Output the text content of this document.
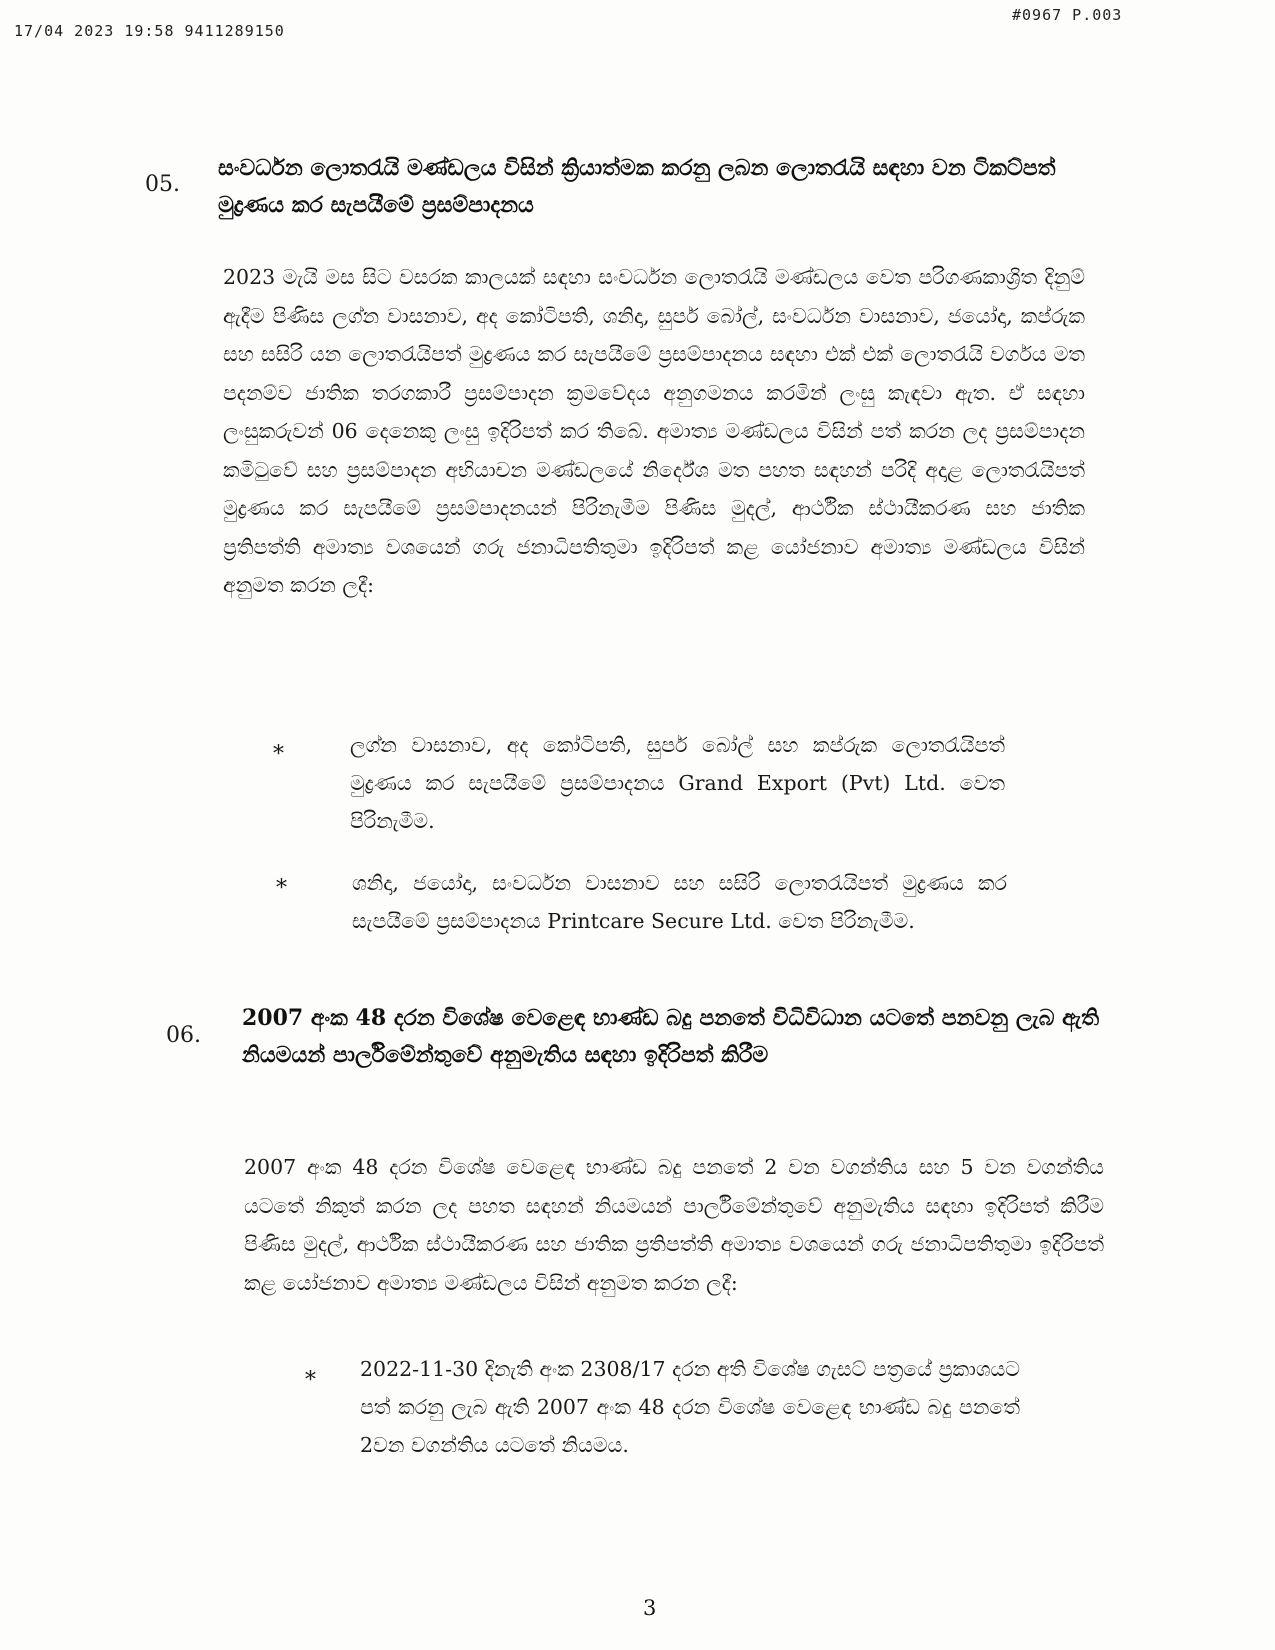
17/04 2023 19:58 9411289150
#0967 P.003
05.
සංවර්ධන ලොතරැයි මණ්ඩලය විසින් ක්‍රියාත්මක කරනු ලබන ලොතරැයි සඳහා වන ටිකට්පත් මුද්‍රණය කර සැපයීමේ ප්‍රසම්පාදනය
2023 මැයි මස සිට වසරක කාලයක් සඳහා සංවර්ධන ලොතරැයි මණ්ඩලය වෙත පරිගණකාශ්‍රිත දිනුම් ඇදීම පිණිස ලග්න වාසනාව, අද කෝටිපති, ශනිදා, සුපර් බෝල්, සංවර්ධන වාසනාව, ජයෝදා, කප්රුක සහ සසිරි යන ලොතරැයිපත් මුද්‍රණය කර සැපයීමේ ප්‍රසම්පාදනය සඳහා එක් එක් ලොතරැයි වර්ගය මත පදනම්ව ජාතික තරගකාරී ප්‍රසම්පාදන ක්‍රමවේදය අනුගමනය කරමින් ලංසු කැඳවා ඇත. ඒ සඳහා ලංසුකරුවන් 06 දෙනෙකු ලංසු ඉදිරිපත් කර තිබේ. අමාත්‍ය මණ්ඩලය විසින් පත් කරන ලද ප්‍රසම්පාදන කමිටුවේ සහ ප්‍රසම්පාදන අභියාචන මණ්ඩලයේ නිර්දේශ මත පහත සඳහන් පරිදි අදාළ ලොතරැයිපත් මුද්‍රණය කර සැපයීමේ ප්‍රසම්පාදනයන් පිරිනැමීම පිණිස මුදල්, ආර්ථික ස්ථායීකරණ සහ ජාතික ප්‍රතිපත්ති අමාත්‍ය වශයෙන් ගරු ජනාධිපතිතුමා ඉදිරිපත් කළ යෝජනාව අමාත්‍ය මණ්ඩලය විසින් අනුමත කරන ලදී:
*	ලග්න වාසනාව, අද කෝටිපති, සුපර් බෝල් සහ කප්රුක ලොතරැයිපත් මුද්‍රණය කර සැපයීමේ ප්‍රසම්පාදනය Grand Export (Pvt) Ltd. වෙත පිරිනැමීම.
*	ශනිදා, ජයෝදා, සංවර්ධන වාසනාව සහ සසිරි ලොතරැයිපත් මුද්‍රණය කර සැපයීමේ ප්‍රසම්පාදනය Printcare Secure Ltd. වෙත පිරිනැමීම.
06.
2007 අංක 48 දරන විශේෂ වෙළෙඳ භාණ්ඩ බදු පනතේ විධිවිධාන යටතේ පනවනු ලැබ ඇති නියමයන් පාර්ලිමේන්තුවේ අනුමැතිය සඳහා ඉදිරිපත් කිරීම
2007 අංක 48 දරන විශේෂ වෙළෙඳ භාණ්ඩ බදු පනතේ 2 වන වගන්තිය සහ 5 වන වගන්තිය යටතේ නිකුත් කරන ලද පහත සඳහන් නියමයන් පාර්ලිමේන්තුවේ අනුමැතිය සඳහා ඉදිරිපත් කිරීම පිණිස මුදල්, ආර්ථික ස්ථායීකරණ සහ ජාතික ප්‍රතිපත්ති අමාත්‍ය වශයෙන් ගරු ජනාධිපතිතුමා ඉදිරිපත් කළ යෝජනාව අමාත්‍ය මණ්ඩලය විසින් අනුමත කරන ලදී:
* 2022-11-30 දිනැති අංක 2308/17 දරන අති විශේෂ ගැසට් පත්‍රයේ ප්‍රකාශයට පත් කරනු ලැබ ඇති 2007 අංක 48 දරන විශේෂ වෙළෙඳ භාණ්ඩ බදු පනතේ 2වන වගන්තිය යටතේ නියමය.
3
